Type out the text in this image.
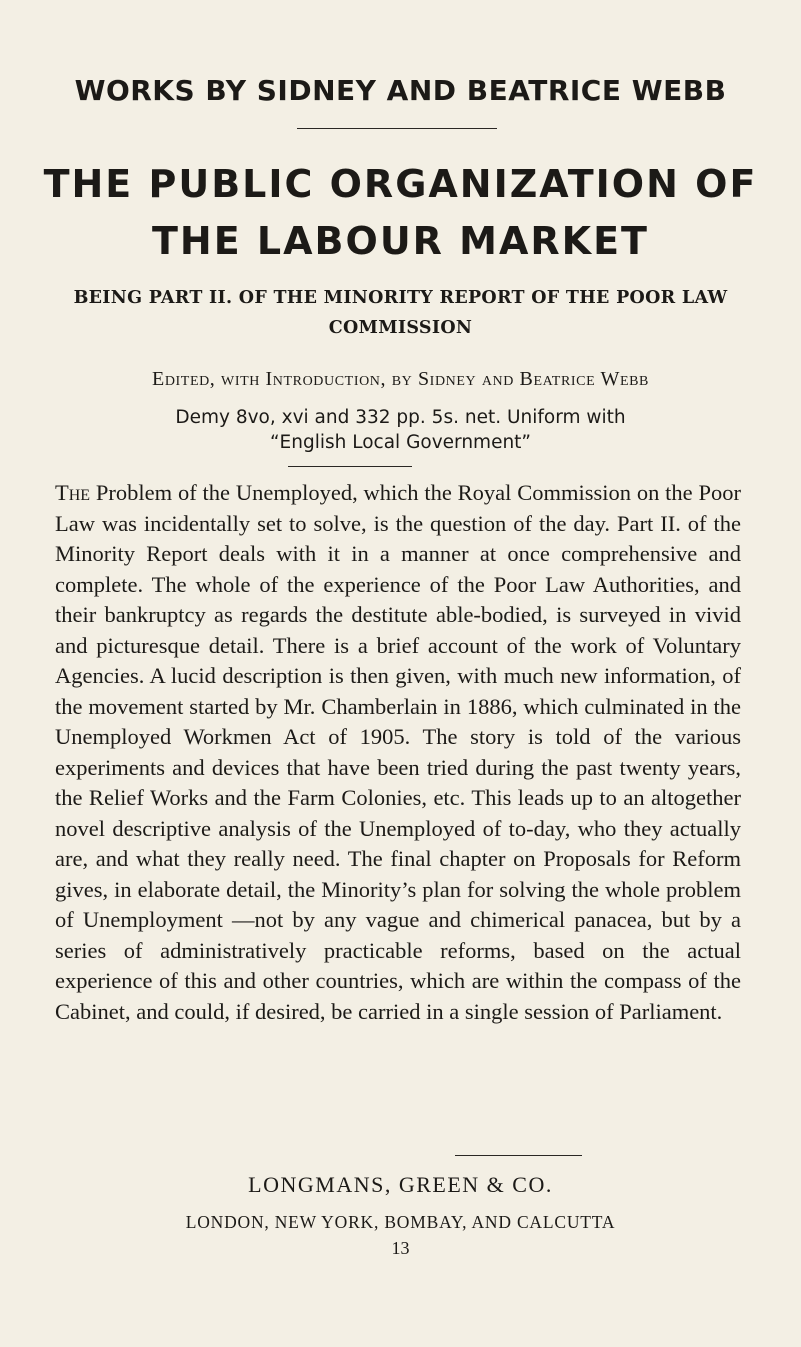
WORKS BY SIDNEY AND BEATRICE WEBB
THE PUBLIC ORGANIZATION OF
THE LABOUR MARKET
BEING PART II. OF THE MINORITY REPORT OF THE POOR LAW
COMMISSION
Edited, with Introduction, by Sidney and Beatrice Webb
Demy 8vo, xvi and 332 pp. 5s. net. Uniform with
“English Local Government”
The Problem of the Unemployed, which the Royal Commission on the Poor Law was incidentally set to solve, is the question of the day. Part II. of the Minority Report deals with it in a manner at once comprehensive and complete. The whole of the experience of the Poor Law Authorities, and their bankruptcy as regards the destitute able-bodied, is surveyed in vivid and picturesque detail. There is a brief account of the work of Voluntary Agencies. A lucid description is then given, with much new information, of the movement started by Mr. Chamberlain in 1886, which culminated in the Unemployed Workmen Act of 1905. The story is told of the various experiments and devices that have been tried during the past twenty years, the Relief Works and the Farm Colonies, etc. This leads up to an altogether novel descriptive analysis of the Unemployed of to-day, who they actually are, and what they really need. The final chapter on Proposals for Reform gives, in elaborate detail, the Minority’s plan for solving the whole problem of Unemployment —not by any vague and chimerical panacea, but by a series of administratively practicable reforms, based on the actual experience of this and other countries, which are within the compass of the Cabinet, and could, if desired, be carried in a single session of Parliament.
LONGMANS, GREEN & CO.
LONDON, NEW YORK, BOMBAY, AND CALCUTTA
13
